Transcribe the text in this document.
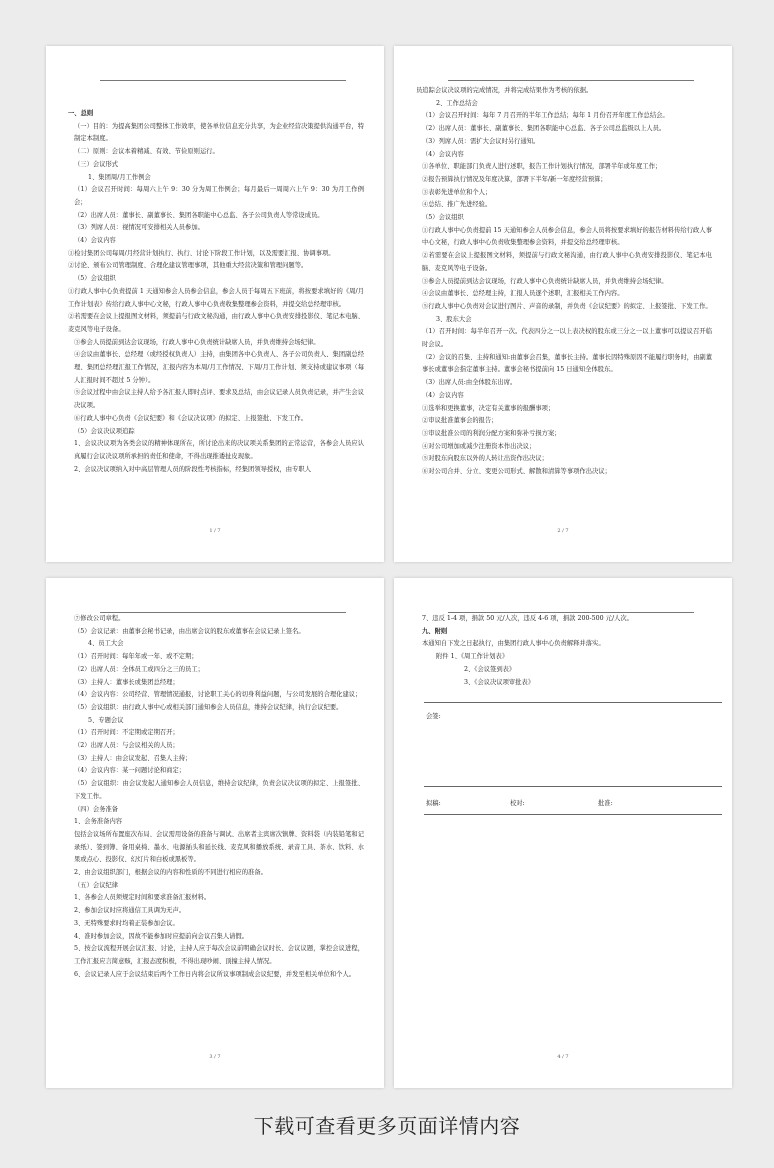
一、总则

（一）目的：为提高集团公司整体工作效率，使各单位信息充分共享，为企业经营决策提供沟通平台，特制定本制度。

（二）原则：会议本着精减、有效、节俭原则运行。

（三）会议形式

1、集团周/月工作例会

（1）会议召开时间：每周六上午 9：30 分为周工作例会；每月最后一周周六上午 9：30 为月工作例会；

（2）出席人员：董事长、副董事长、集团各职能中心总监、各子公司负责人等常设成员。

（3）列席人员：视情况可安排相关人员参加。

（4）会议内容

①检讨集团公司每周/月经营计划执行、执行、讨论下阶段工作计划，以及需要汇报、协调事项。

②讨论、颁布公司管理制度、合理化建议管理事项，其他重大经营决策和管理问题等。

（5）会议组织

①行政人事中心负责提前 1 天通知参会人员参会信息，参会人员于每周五下班前，将按要求填好的《周/月工作计划表》传给行政人事中心文秘，行政人事中心负责收集整理参会资料，并提交给总经理审核。

②若需要在会议上提报图文材料，须提前与行政文秘沟通，由行政人事中心负责安排投影仪、笔记本电脑、麦克风等电子设备。

③参会人员提前到达会议现场，行政人事中心负责统计缺席人员，并负责维持会场纪律。

④会议由董事长、总经理（或经授权负责人）主持，由集团各中心负责人、各子公司负责人、集团副总经理、集团总经理汇报工作情况，汇报内容为本周/月工作情况、下周/月工作计划、须支持或建议事项（每人汇报时间不超过 5 分钟）。

⑤会议过程中由会议主持人给予各汇报人即时点评、要求及总结，由会议记录人员负责记录，并产生会议决议项。

⑥行政人事中心负责《会议纪要》和《会议决议项》的拟定、上报签批、下发工作。

（5）会议决议项追踪

1、会议决议项为各类会议的精神体现所在，所讨论出来的决议项关系集团的正常运营，各参会人员应认真履行会议决议项所承担的责任和使命，不得出现推诿扯皮现象。

2、会议决议项纳入对中高层管理人员的阶段性考核指标，经集团领导授权，由专职人

1 / 7

员追踪会议决议项的完成情况，并将完成结果作为考核的依据。

2、工作总结会

（1）会议召开时间：每年 7 月召开的半年工作总结；每年 1 月份召开年度工作总结会。

（2）出席人员：董事长、副董事长、集团各职能中心总监、各子公司总监级以上人员。

（3）列席人员：需扩大会议时另行通知。

（4）会议内容

①各单位、职能部门负责人进行述职，报告工作计划执行情况，部署半年或年度工作；

②报告预算执行情况及年度决算，部署下半年/新一年度经营预算；

③表彰先进单位和个人；

④总结、推广先进经验。

（5）会议组织

①行政人事中心负责提前 15 天通知参会人员参会信息，参会人员将按要求填好的报告材料传给行政人事中心文秘，行政人事中心负责收集整理参会资料，并提交给总经理审核。

②若需要在会议上提报图文材料，须提前与行政文秘沟通，由行政人事中心负责安排投影仪、笔记本电脑、麦克风等电子设备。

③参会人员提前到达会议现场，行政人事中心负责统计缺席人员，并负责维持会场纪律。

④会议由董事长、总经理主持，汇报人员逐个述职，汇报相关工作内容。

⑤行政人事中心负责对会议进行图片、声音的录制，并负责《会议纪要》的拟定、上报签批、下发工作。

3、股东大会

（1）召开时间：每半年召开一次。代表四分之一以上表决权的股东或三分之一以上董事可以提议召开临时会议。

（2）会议的召集、主持和通知:由董事会召集，董事长主持。董事长因特殊原因不能履行职务时，由副董事长或董事会指定董事主持。董事会秘书提前向 15 日通知全体股东。

（3）出席人员:由全体股东出席。

（4）会议内容

①选举和更换董事，决定有关董事的报酬事项；

②审议批准董事会的报告；

③审议批准公司的利润分配方案和弥补亏损方案；

④对公司增加或减少注册资本作出决议；

⑤对股东向股东以外的人转让出资作出决议；

⑥对公司合并、分立、变更公司形式、解散和清算等事项作出决议；

2 / 7

⑦修改公司章程。

（5）会议记录：由董事会秘书记录，由出席会议的股东或董事在会议记录上签名。

4、员工大会

（1）召开时间：每年年或一年、或不定期；

（2）出席人员：全体员工或四分之三的员工；

（3）主持人：董事长或集团总经理；

（4）会议内容：公司经营、管理情况通报，讨论职工关心的切身利益问题，与公司发展的合理化建议；

（5）会议组织：由行政人事中心或相关部门通知参会人员信息，维持会议纪律，执行会议纪要。

5、专题会议

（1）召开时间：不定期或定期召开；

（2）出席人员：与会议相关的人员；

（3）主持人：由会议发起、召集人主持；

（4）会议内容：某一问题讨论和商定；

（5）会议组织：由会议发起人通知参会人员信息，维持会议纪律，负责会议决议项的拟定、上报签批、下发工作。

（四）会务准备

1、会务准备内容

包括会议场所布置座次布局、会议需用设备的准备与调试、出席者主宾席次镇牌、资料袋（内装铅笔和记录纸）、签到簿、备用桌椅、墨水、电源插头和延长线、麦克风和播放系统、录音工具、茶水、饮料、水果或点心、投影仪、幻灯片和白板或黑板等。

2、由会议组织部门，根据会议的内容和性质的不同进行相应的准备。

（五）会议纪律

1、各参会人员须规定时间和要求准备汇报材料。

2、参加会议时应将通信工具调为无声。

3、无特殊要求时均着正装参加会议。

4、准时参加会议，因故不能参加时应提前向会议召集人请假。

5、按会议流程开展会议汇报、讨论，主持人应于每次会议前明确会议时长、会议议题，掌控会议进程，工作汇报应言简意赅，汇报态度积极，不得出现吵闹、顶撞主持人情况。

6、会议记录人应于会议结束后两个工作日内将会议所议事项制成会议纪要，并发至相关单位和个人。

3 / 7

7、违反 1-4 项，捐款 50 元/人次，违反 4-6 项，捐款 200-500 元/人次。

九、附则

本通知自下发之日起执行，由集团行政人事中心负责解释并落实。

附件 1、《周工作计划表》

2、《会议签到表》

3、《会议决议项审批表》

会签:
拟稿:	校对:	批准:
4 / 7
下载可查看更多页面详情内容
